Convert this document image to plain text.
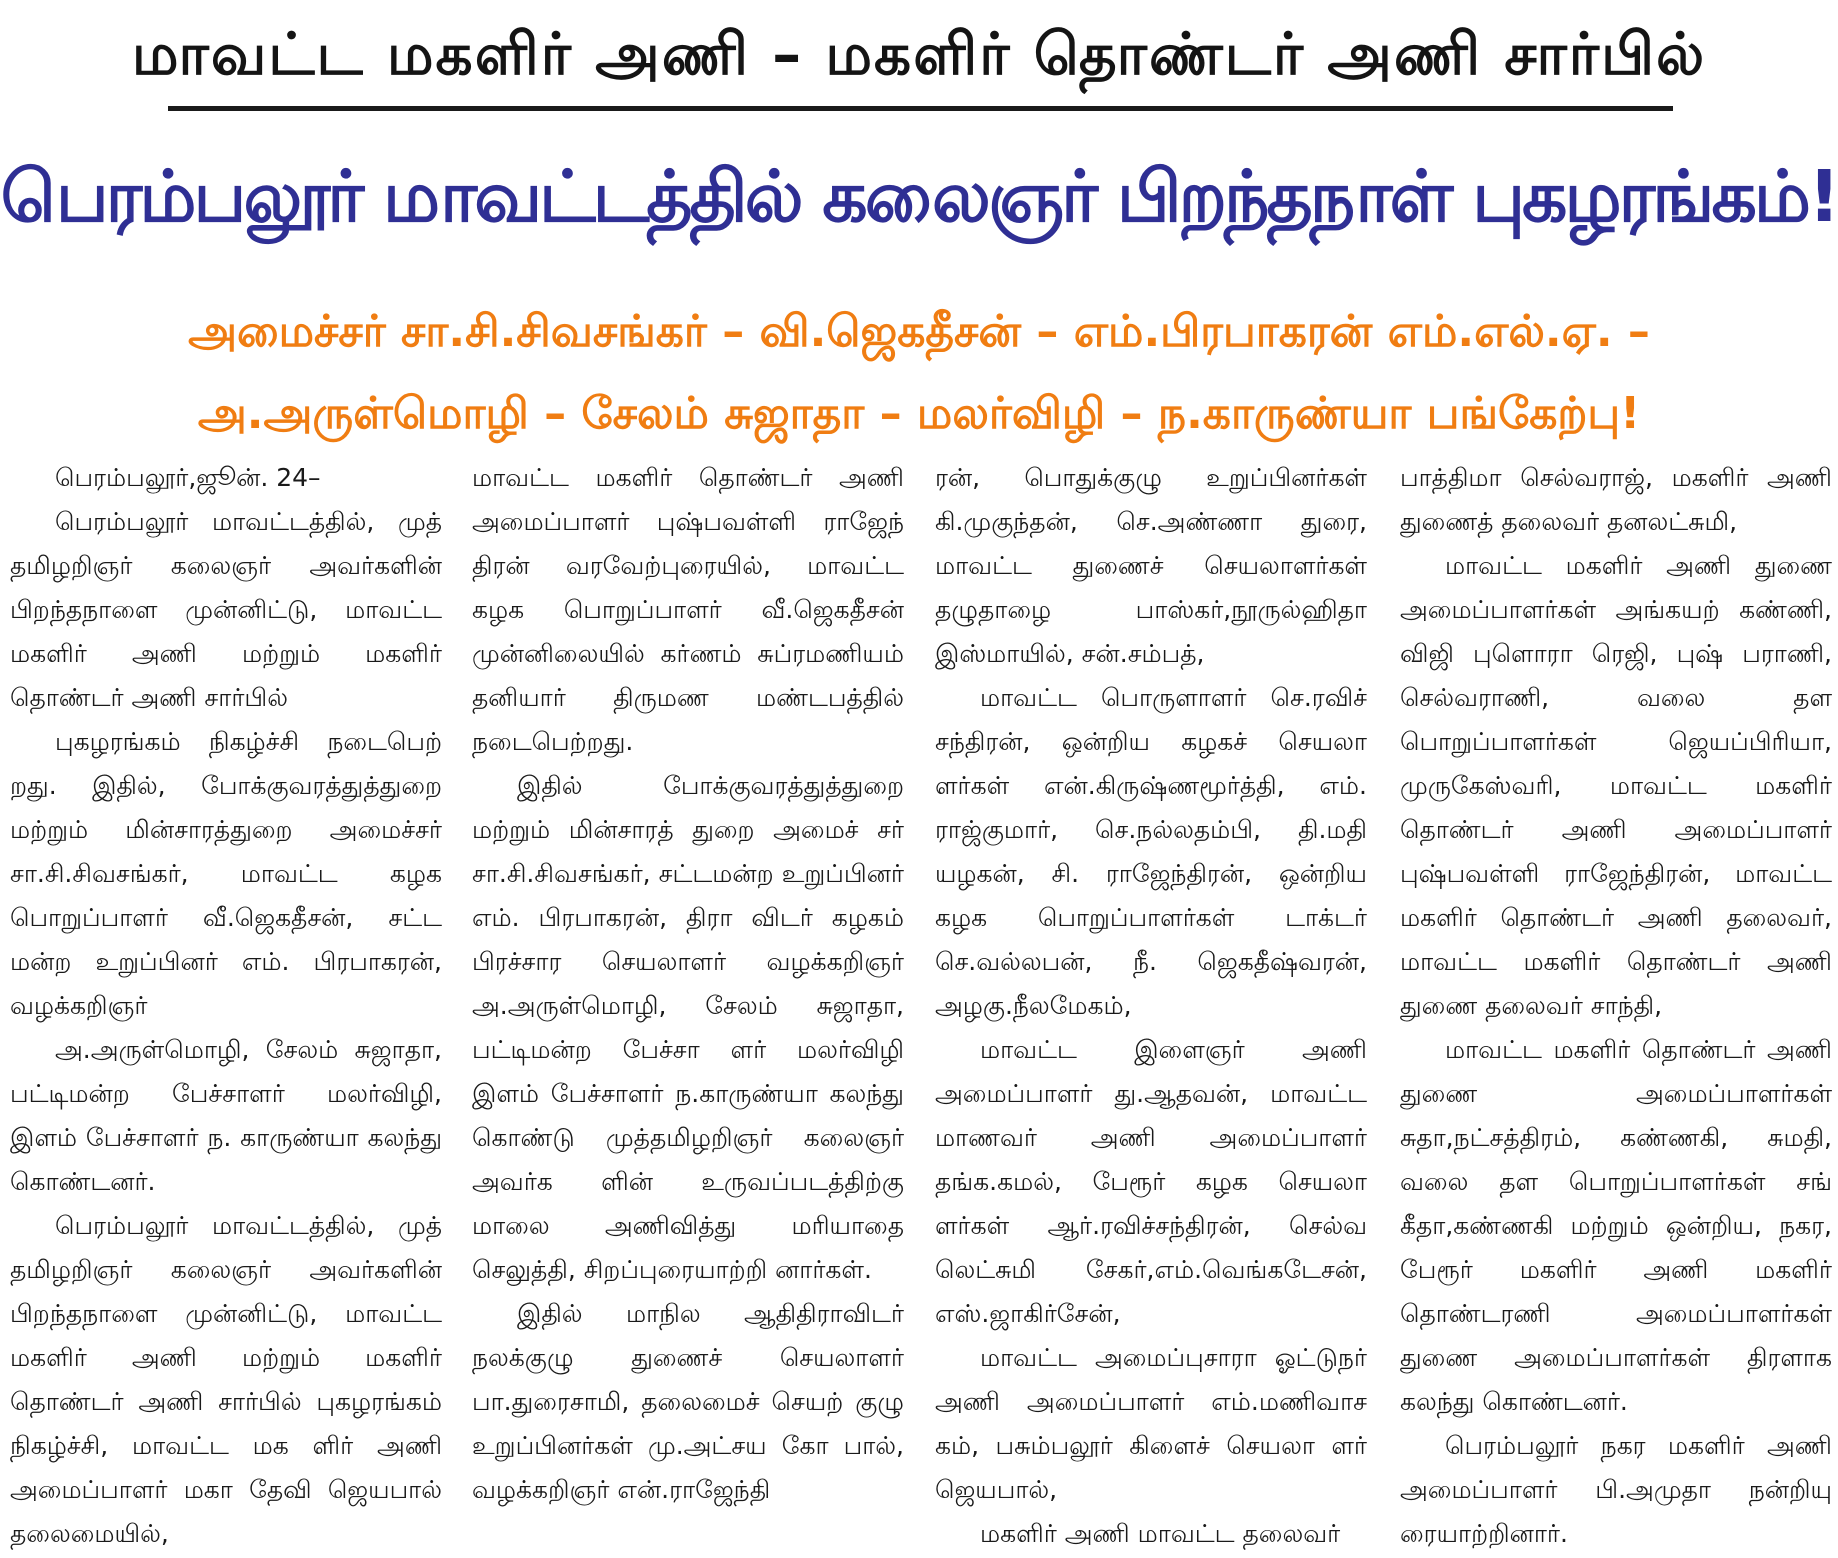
மாவட்ட மகளிர் அணி – மகளிர் தொண்டர் அணி சார்பில்
பெரம்பலூர் மாவட்டத்தில் கலைஞர் பிறந்தநாள் புகழரங்கம்!
அமைச்சர் சா.சி.சிவசங்கர் – வி.ஜெகதீசன் – எம்.பிரபாகரன் எம்.எல்.ஏ. –
அ.அருள்மொழி – சேலம் சுஜாதா – மலர்விழி – ந.காருண்யா பங்கேற்பு!

பெரம்பலூர்,ஜூன். 24–

பெரம்பலூர் மாவட்டத்தில், முத் தமிழறிஞர் கலைஞர் அவர்களின் பிறந்தநாளை முன்னிட்டு, மாவட்ட மகளிர் அணி மற்றும் மகளிர் தொண்டர் அணி சார்பில்

புகழரங்கம் நிகழ்ச்சி நடைபெற் றது. இதில், போக்குவரத்துத்துறை மற்றும் மின்சாரத்துறை அமைச்சர் சா.சி.சிவசங்கர், மாவட்ட கழக பொறுப்பாளர் வீ.ஜெகதீசன், சட்ட மன்ற உறுப்பினர் எம். பிரபாகரன், வழக்கறிஞர்

அ.அருள்மொழி, சேலம் சுஜாதா, பட்டிமன்ற பேச்சாளர் மலர்விழி, இளம் பேச்சாளர் ந. காருண்யா கலந்து கொண்டனர்.

பெரம்பலூர் மாவட்டத்தில், முத் தமிழறிஞர் கலைஞர் அவர்களின் பிறந்தநாளை முன்னிட்டு, மாவட்ட மகளிர் அணி மற்றும் மகளிர் தொண்டர் அணி சார்பில் புகழரங்கம் நிகழ்ச்சி, மாவட்ட மக ளிர் அணி அமைப்பாளர் மகா தேவி ஜெயபால் தலைமையில்,

மாவட்ட மகளிர் தொண்டர் அணி அமைப்பாளர் புஷ்பவள்ளி ராஜேந் திரன் வரவேற்புரையில், மாவட்ட கழக பொறுப்பாளர் வீ.ஜெகதீசன் முன்னிலையில் கர்ணம் சுப்ரமணியம் தனியார் திருமண மண்டபத்தில் நடைபெற்றது.

இதில் போக்குவரத்துத்துறை மற்றும் மின்சாரத் துறை அமைச் சர் சா.சி.சிவசங்கர், சட்டமன்ற உறுப்பினர் எம். பிரபாகரன், திரா விடர் கழகம் பிரச்சார செயலாளர் வழக்கறிஞர் அ.அருள்மொழி, சேலம் சுஜாதா, பட்டிமன்ற பேச்சா ளர் மலர்விழி இளம் பேச்சாளர் ந.காருண்யா கலந்து கொண்டு முத்தமிழறிஞர் கலைஞர் அவர்க ளின் உருவப்படத்திற்கு மாலை அணிவித்து மரியாதை செலுத்தி, சிறப்புரையாற்றி னார்கள்.

இதில் மாநில ஆதிதிராவிடர் நலக்குழு துணைச் செயலாளர் பா.துரைசாமி, தலைமைச் செயற் குழு உறுப்பினர்கள் மு.அட்சய கோ பால், வழக்கறிஞர் என்.ராஜேந்தி

ரன், பொதுக்குழு உறுப்பினர்கள் கி.முகுந்தன், செ.அண்ணா துரை, மாவட்ட துணைச் செயலாளர்கள் தழுதாழை பாஸ்கர்,நூருல்ஹிதா இஸ்மாயில், சன்.சம்பத்,

மாவட்ட பொருளாளர் செ.ரவிச் சந்திரன், ஒன்றிய கழகச் செயலா ளர்கள் என்.கிருஷ்ணமூர்த்தி, எம். ராஜ்குமார், செ.நல்லதம்பி, தி.மதி யழகன், சி. ராஜேந்திரன், ஒன்றிய கழக பொறுப்பாளர்கள் டாக்டர் செ.வல்லபன், நீ. ஜெகதீஷ்வரன், அழகு.நீலமேகம்,

மாவட்ட இளைஞர் அணி அமைப்பாளர் து.ஆதவன், மாவட்ட மாணவர் அணி அமைப்பாளர் தங்க.கமல், பேரூர் கழக செயலா ளர்கள் ஆர்.ரவிச்சந்திரன், செல்வ லெட்சுமி சேகர்,எம்.வெங்கடேசன், எஸ்.ஜாகிர்சேன்,

மாவட்ட அமைப்புசாரா ஓட்டுநர் அணி அமைப்பாளர் எம்.மணிவாச கம், பசும்பலூர் கிளைச் செயலா ளர் ஜெயபால்,

மகளிர் அணி மாவட்ட தலைவர்

பாத்திமா செல்வராஜ், மகளிர் அணி துணைத் தலைவர் தனலட்சுமி,

மாவட்ட மகளிர் அணி துணை அமைப்பாளர்கள் அங்கயற் கண்ணி, விஜி புளொரா ரெஜி, புஷ் பராணி, செல்வராணி, வலை தள பொறுப்பாளர்கள் ஜெயப்பிரியா, முருகேஸ்வரி, மாவட்ட மகளிர் தொண்டர் அணி அமைப்பாளர் புஷ்பவள்ளி ராஜேந்திரன், மாவட்ட மகளிர் தொண்டர் அணி தலைவர், மாவட்ட மகளிர் தொண்டர் அணி துணை தலைவர் சாந்தி,

மாவட்ட மகளிர் தொண்டர் அணி துணை அமைப்பாளர்கள் சுதா,நட்சத்திரம், கண்ணகி, சுமதி, வலை தள பொறுப்பாளர்கள் சங் கீதா,கண்ணகி மற்றும் ஒன்றிய, நகர, பேரூர் மகளிர் அணி மகளிர் தொண்டரணி அமைப்பாளர்கள் துணை அமைப்பாளர்கள் திரளாக கலந்து கொண்டனர்.

பெரம்பலூர் நகர மகளிர் அணி அமைப்பாளர் பி.அமுதா நன்றியு ரையாற்றினார்.
